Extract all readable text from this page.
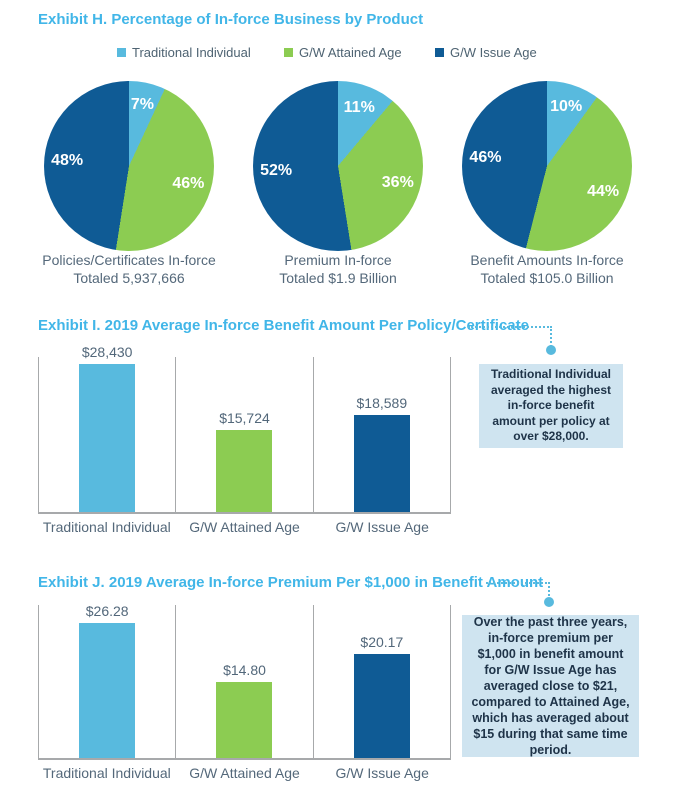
Exhibit H. Percentage of In-force Business by Product
Traditional Individual	G/W Attained Age	G/W Issue Age
7%
46%
48%
11%
36%
52%
10%
44%
46%
Policies/Certificates In-force
Totaled 5,937,666
Premium In-force
Totaled $1.9 Billion
Benefit Amounts In-force
Totaled $105.0 Billion
Exhibit I. 2019 Average In-force Benefit Amount Per Policy/Certificate
$28,430
$15,724
$18,589
Traditional Individual	G/W Attained Age	G/W Issue Age
Traditional Individual averaged the highest in-force benefit amount per policy at over $28,000.
Exhibit J. 2019 Average In-force Premium Per $1,000 in Benefit Amount
$26.28
$14.80
$20.17
Traditional Individual	G/W Attained Age	G/W Issue Age
Over the past three years, in-force premium per $1,000 in benefit amount for G/W Issue Age has averaged close to $21, compared to Attained Age, which has averaged about $15 during that same time period.
